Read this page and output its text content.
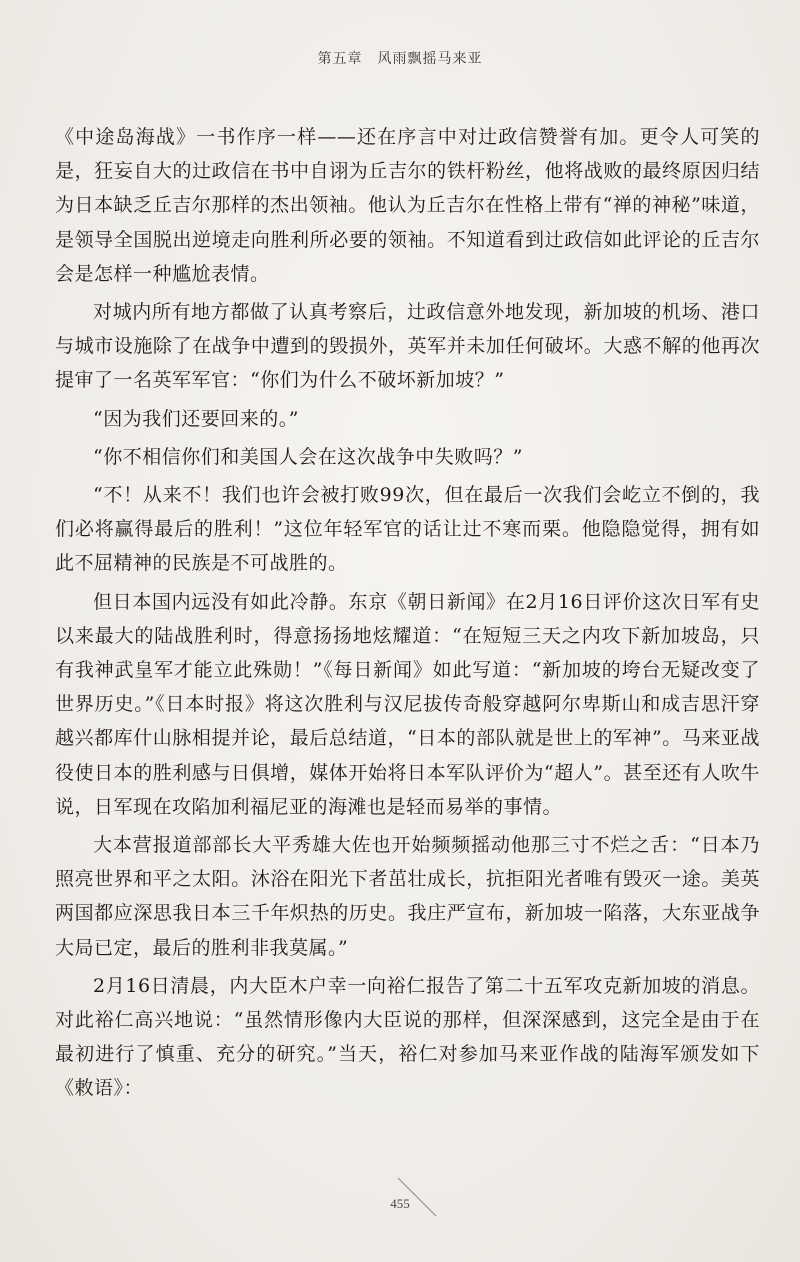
第五章　风雨飘摇马来亚

《中途岛海战》一书作序一样——还在序言中对辻政信赞誉有加。更令人可笑的是，狂妄自大的辻政信在书中自诩为丘吉尔的铁杆粉丝，他将战败的最终原因归结为日本缺乏丘吉尔那样的杰出领袖。他认为丘吉尔在性格上带有“禅的神秘”味道，是领导全国脱出逆境走向胜利所必要的领袖。不知道看到辻政信如此评论的丘吉尔会是怎样一种尴尬表情。

对城内所有地方都做了认真考察后，辻政信意外地发现，新加坡的机场、港口与城市设施除了在战争中遭到的毁损外，英军并未加任何破坏。大惑不解的他再次提审了一名英军军官：“你们为什么不破坏新加坡？”

“因为我们还要回来的。”

“你不相信你们和美国人会在这次战争中失败吗？”

“不！从来不！我们也许会被打败99次，但在最后一次我们会屹立不倒的，我们必将赢得最后的胜利！”这位年轻军官的话让辻不寒而栗。他隐隐觉得，拥有如此不屈精神的民族是不可战胜的。

但日本国内远没有如此冷静。东京《朝日新闻》在2月16日评价这次日军有史以来最大的陆战胜利时，得意扬扬地炫耀道：“在短短三天之内攻下新加坡岛，只有我神武皇军才能立此殊勋！”《每日新闻》如此写道：“新加坡的垮台无疑改变了世界历史。”《日本时报》将这次胜利与汉尼拔传奇般穿越阿尔卑斯山和成吉思汗穿越兴都库什山脉相提并论，最后总结道，“日本的部队就是世上的军神”。马来亚战役使日本的胜利感与日俱增，媒体开始将日本军队评价为“超人”。甚至还有人吹牛说，日军现在攻陷加利福尼亚的海滩也是轻而易举的事情。

大本营报道部部长大平秀雄大佐也开始频频摇动他那三寸不烂之舌：“日本乃照亮世界和平之太阳。沐浴在阳光下者茁壮成长，抗拒阳光者唯有毁灭一途。美英两国都应深思我日本三千年炽热的历史。我庄严宣布，新加坡一陷落，大东亚战争大局已定，最后的胜利非我莫属。”

2月16日清晨，内大臣木户幸一向裕仁报告了第二十五军攻克新加坡的消息。对此裕仁高兴地说：“虽然情形像内大臣说的那样，但深深感到，这完全是由于在最初进行了慎重、充分的研究。”当天，裕仁对参加马来亚作战的陆海军颁发如下《敕语》：

455
